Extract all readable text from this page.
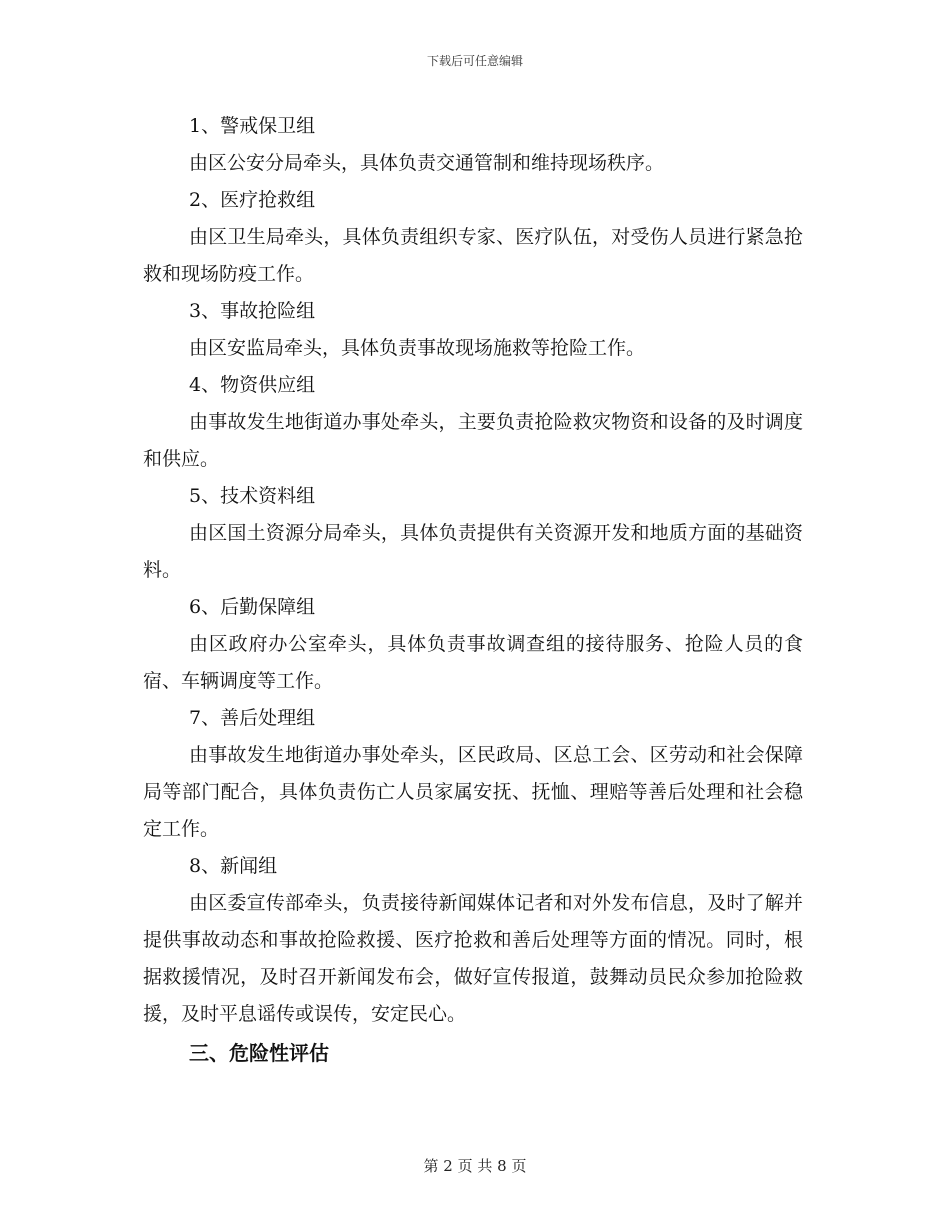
下载后可任意编辑
1、警戒保卫组
由区公安分局牵头，具体负责交通管制和维持现场秩序。
2、医疗抢救组
由区卫生局牵头，具体负责组织专家、医疗队伍，对受伤人员进行紧急抢救和现场防疫工作。
3、事故抢险组
由区安监局牵头，具体负责事故现场施救等抢险工作。
4、物资供应组
由事故发生地街道办事处牵头，主要负责抢险救灾物资和设备的及时调度和供应。
5、技术资料组
由区国土资源分局牵头，具体负责提供有关资源开发和地质方面的基础资料。
6、后勤保障组
由区政府办公室牵头，具体负责事故调查组的接待服务、抢险人员的食宿、车辆调度等工作。
7、善后处理组
由事故发生地街道办事处牵头，区民政局、区总工会、区劳动和社会保障局等部门配合，具体负责伤亡人员家属安抚、抚恤、理赔等善后处理和社会稳定工作。
8、新闻组
由区委宣传部牵头，负责接待新闻媒体记者和对外发布信息，及时了解并提供事故动态和事故抢险救援、医疗抢救和善后处理等方面的情况。同时，根据救援情况，及时召开新闻发布会，做好宣传报道，鼓舞动员民众参加抢险救援，及时平息谣传或误传，安定民心。
三、危险性评估
第 2 页 共 8 页
